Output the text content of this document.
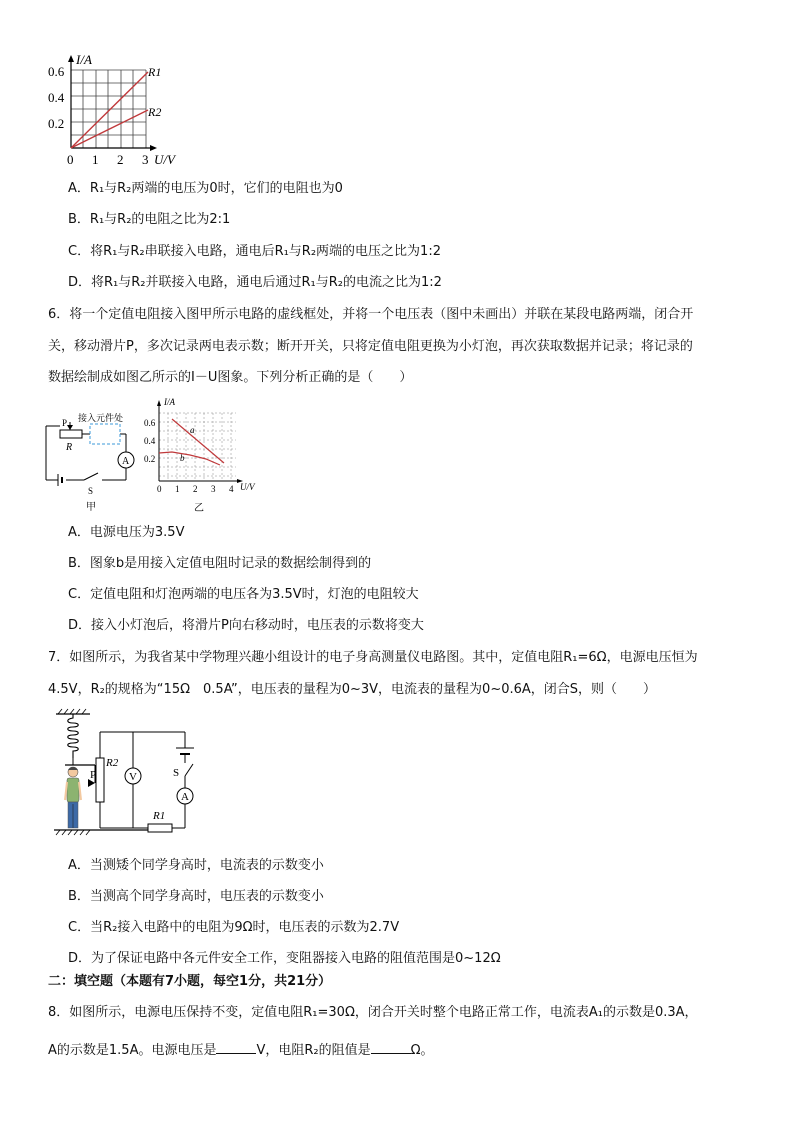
I/A
0.6
0.4
0.2
0 1 2 3 U/V
R1
R2
A．R₁与R₂两端的电压为0时，它们的电阻也为0
B．R₁与R₂的电阻之比为2:1
C．将R₁与R₂串联接入电路，通电后R₁与R₂两端的电压之比为1:2
D．将R₁与R₂并联接入电路，通电后通过R₁与R₂的电流之比为1:2
6．将一个定值电阻接入图甲所示电路的虚线框处，并将一个电压表（图中未画出）并联在某段电路两端，闭合开
关，移动滑片P，多次记录两电表示数；断开开关，只将定值电阻更换为小灯泡，再次获取数据并记录；将记录的
数据绘制成如图乙所示的I－U图象。下列分析正确的是（　　）
A
接入元件处
P
R
S
甲
I/A
0.6
0.4
0.2
0 1 2 3 4 U/V
a
b
乙
A．电源电压为3.5V
B．图象b是用接入定值电阻时记录的数据绘制得到的
C．定值电阻和灯泡两端的电压各为3.5V时，灯泡的电阻较大
D．接入小灯泡后，将滑片P向右移动时，电压表的示数将变大
7．如图所示，为我省某中学物理兴趣小组设计的电子身高测量仪电路图。其中，定值电阻R₁=6Ω，电源电压恒为
4.5V，R₂的规格为“15Ω　0.5A”，电压表的量程为0~3V，电流表的量程为0~0.6A，闭合S，则（　　）
V
A
R1
P
R2
S
A．当测矮个同学身高时，电流表的示数变小
B．当测高个同学身高时，电压表的示数变小
C．当R₂接入电路中的电阻为9Ω时，电压表的示数为2.7V
D．为了保证电路中各元件安全工作，变阻器接入电路的阻值范围是0~12Ω
二：填空题（本题有7小题，每空1分，共21分）
8．如图所示，电源电压保持不变，定值电阻R₁=30Ω，闭合开关时整个电路正常工作，电流表A₁的示数是0.3A，
A的示数是1.5A。电源电压是	V，电阻R₂的阻值是	Ω。
